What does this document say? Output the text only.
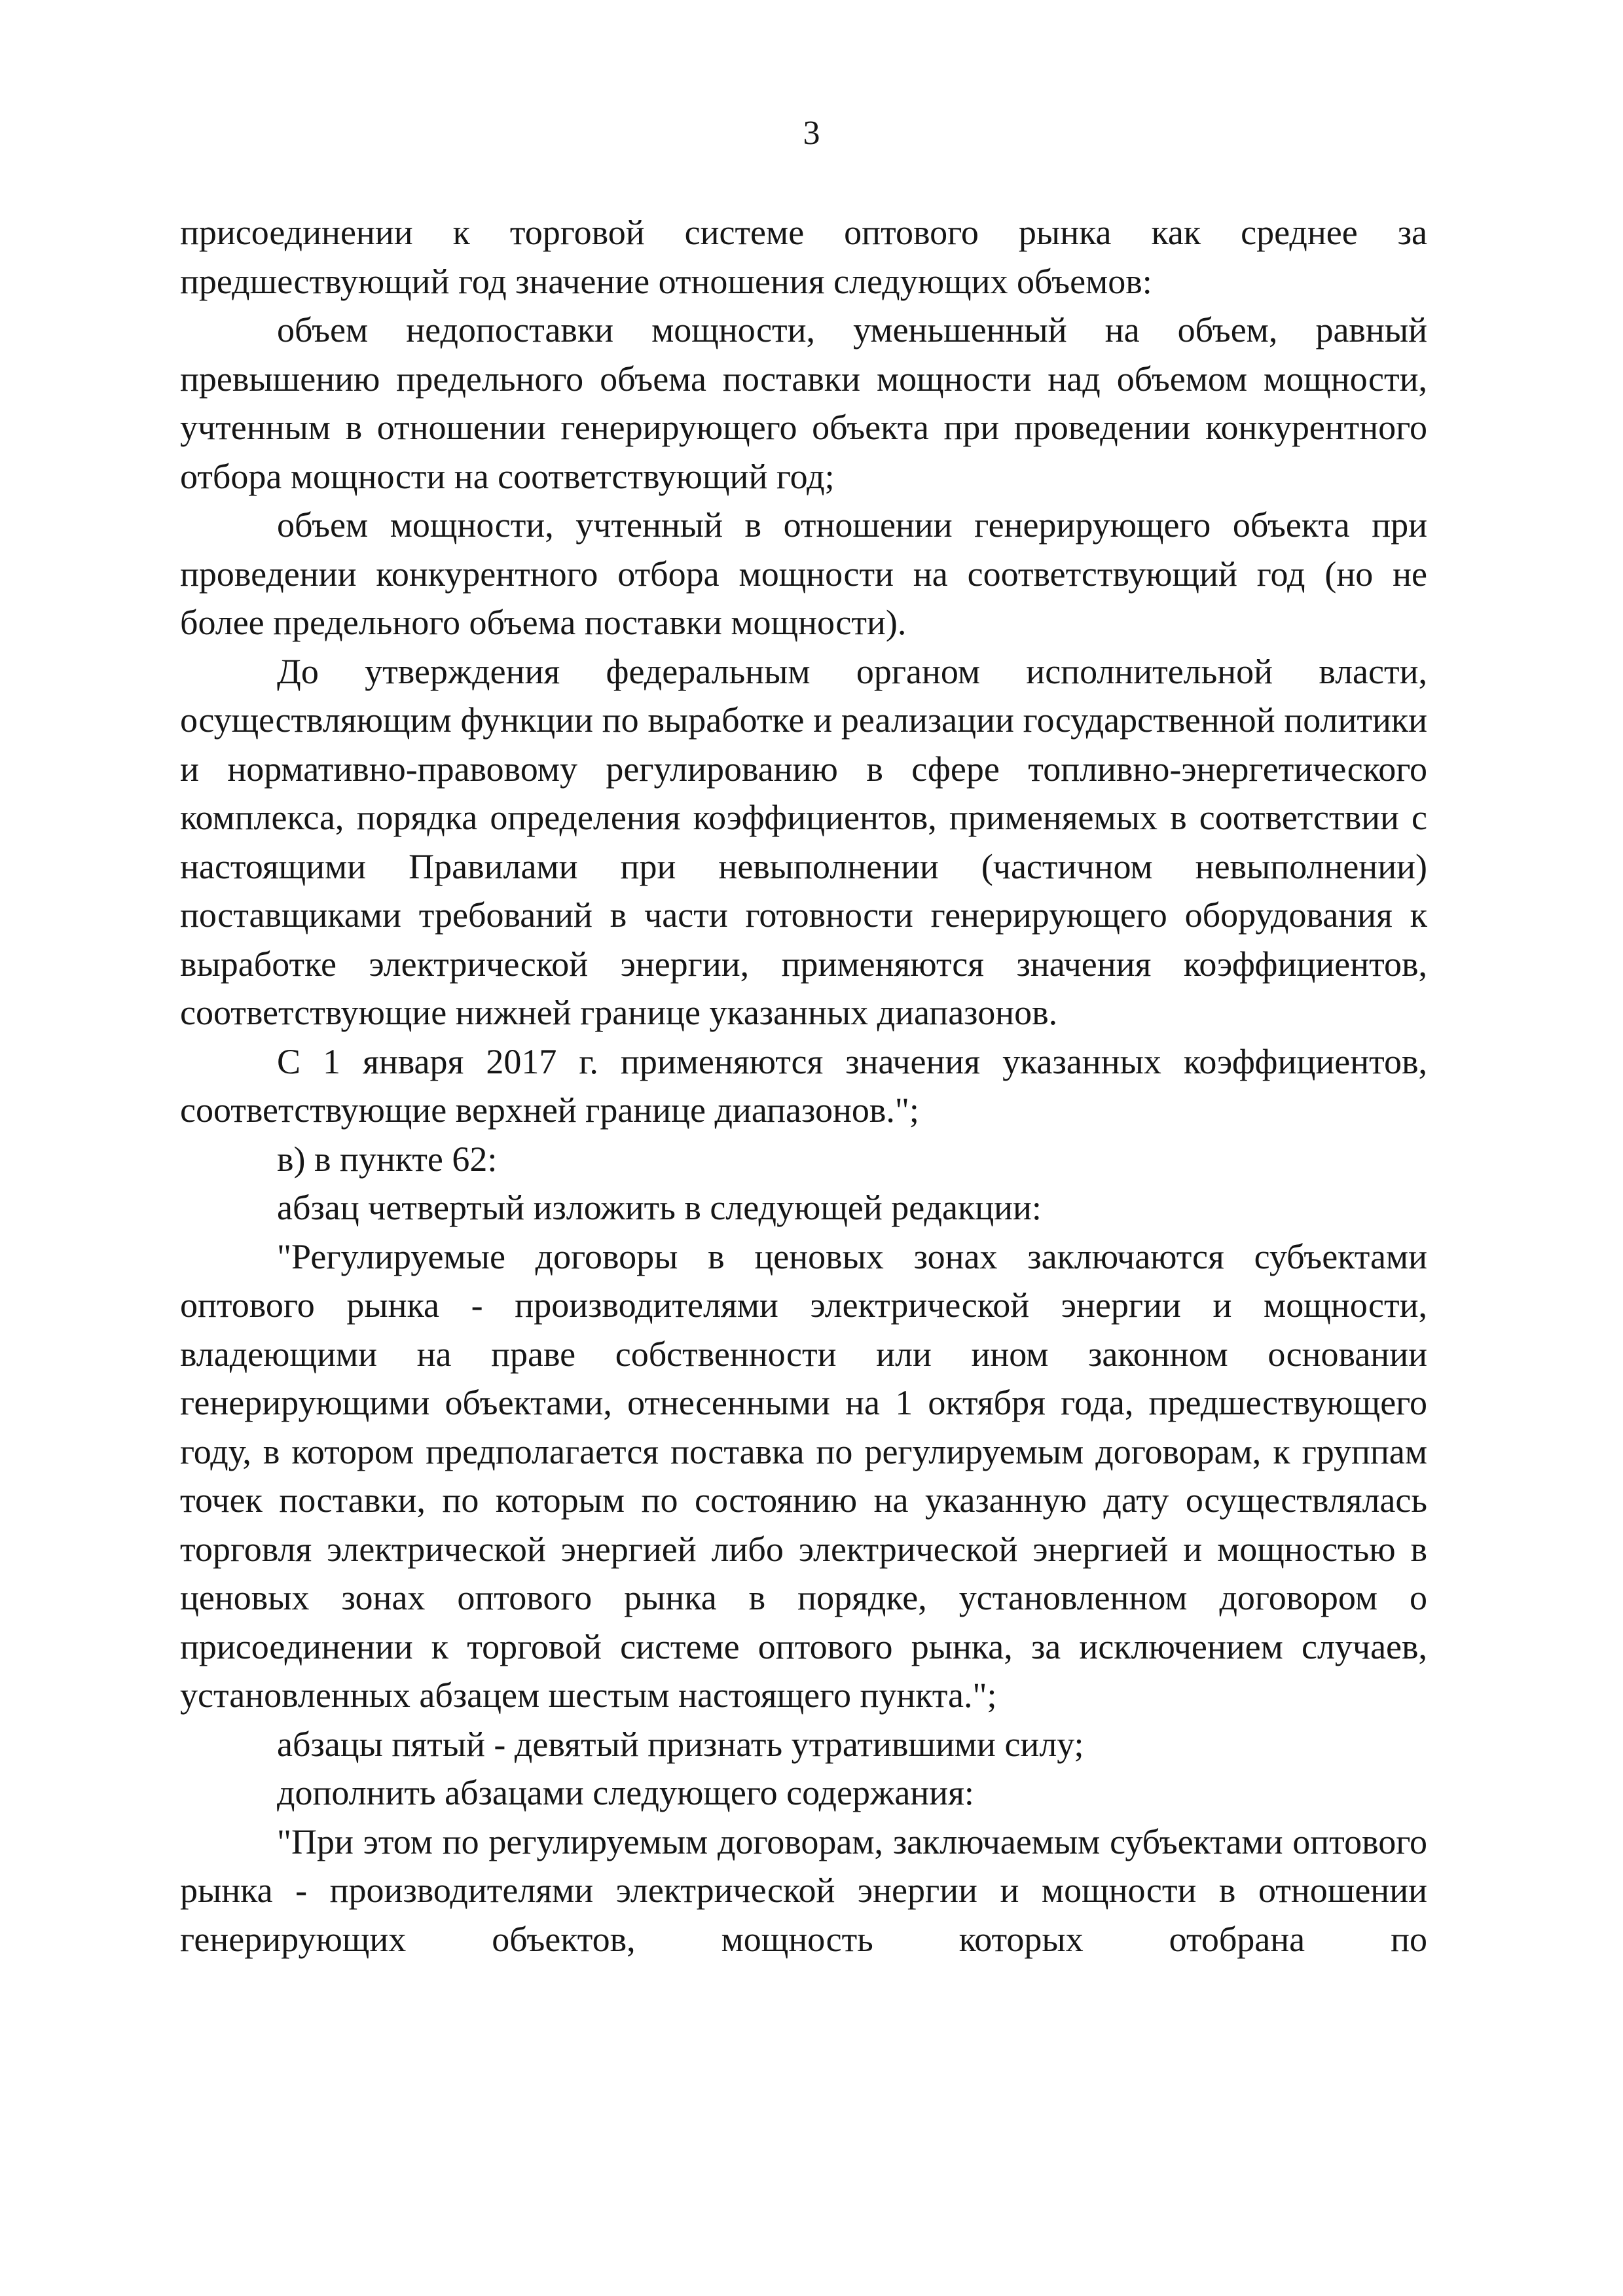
3

присоединении к торговой системе оптового рынка как среднее за предшествующий год значение отношения следующих объемов:

объем недопоставки мощности, уменьшенный на объем, равный превышению предельного объема поставки мощности над объемом мощности, учтенным в отношении генерирующего объекта при проведении конкурентного отбора мощности на соответствующий год;

объем мощности, учтенный в отношении генерирующего объекта при проведении конкурентного отбора мощности на соответствующий год (но не более предельного объема поставки мощности).

До утверждения федеральным органом исполнительной власти, осуществляющим функции по выработке и реализации государственной политики и нормативно-правовому регулированию в сфере топливно-энергетического комплекса, порядка определения коэффициентов, применяемых в соответствии с настоящими Правилами при невыполнении (частичном невыполнении) поставщиками требований в части готовности генерирующего оборудования к выработке электрической энергии, применяются значения коэффициентов, соответствующие нижней границе указанных диапазонов.

С 1 января 2017 г. применяются значения указанных коэффициентов, соответствующие верхней границе диапазонов.";

в) в пункте 62:

абзац четвертый изложить в следующей редакции:

"Регулируемые договоры в ценовых зонах заключаются субъектами оптового рынка - производителями электрической энергии и мощности, владеющими на праве собственности или ином законном основании генерирующими объектами, отнесенными на 1 октября года, предшествующего году, в котором предполагается поставка по регулируемым договорам, к группам точек поставки, по которым по состоянию на указанную дату осуществлялась торговля электрической энергией либо электрической энергией и мощностью в ценовых зонах оптового рынка в порядке, установленном договором о присоединении к торговой системе оптового рынка, за исключением случаев, установленных абзацем шестым настоящего пункта.";

абзацы пятый - девятый признать утратившими силу;

дополнить абзацами следующего содержания:

"При этом по регулируемым договорам, заключаемым субъектами оптового рынка - производителями электрической энергии и мощности в отношении генерирующих объектов, мощность которых отобрана по
